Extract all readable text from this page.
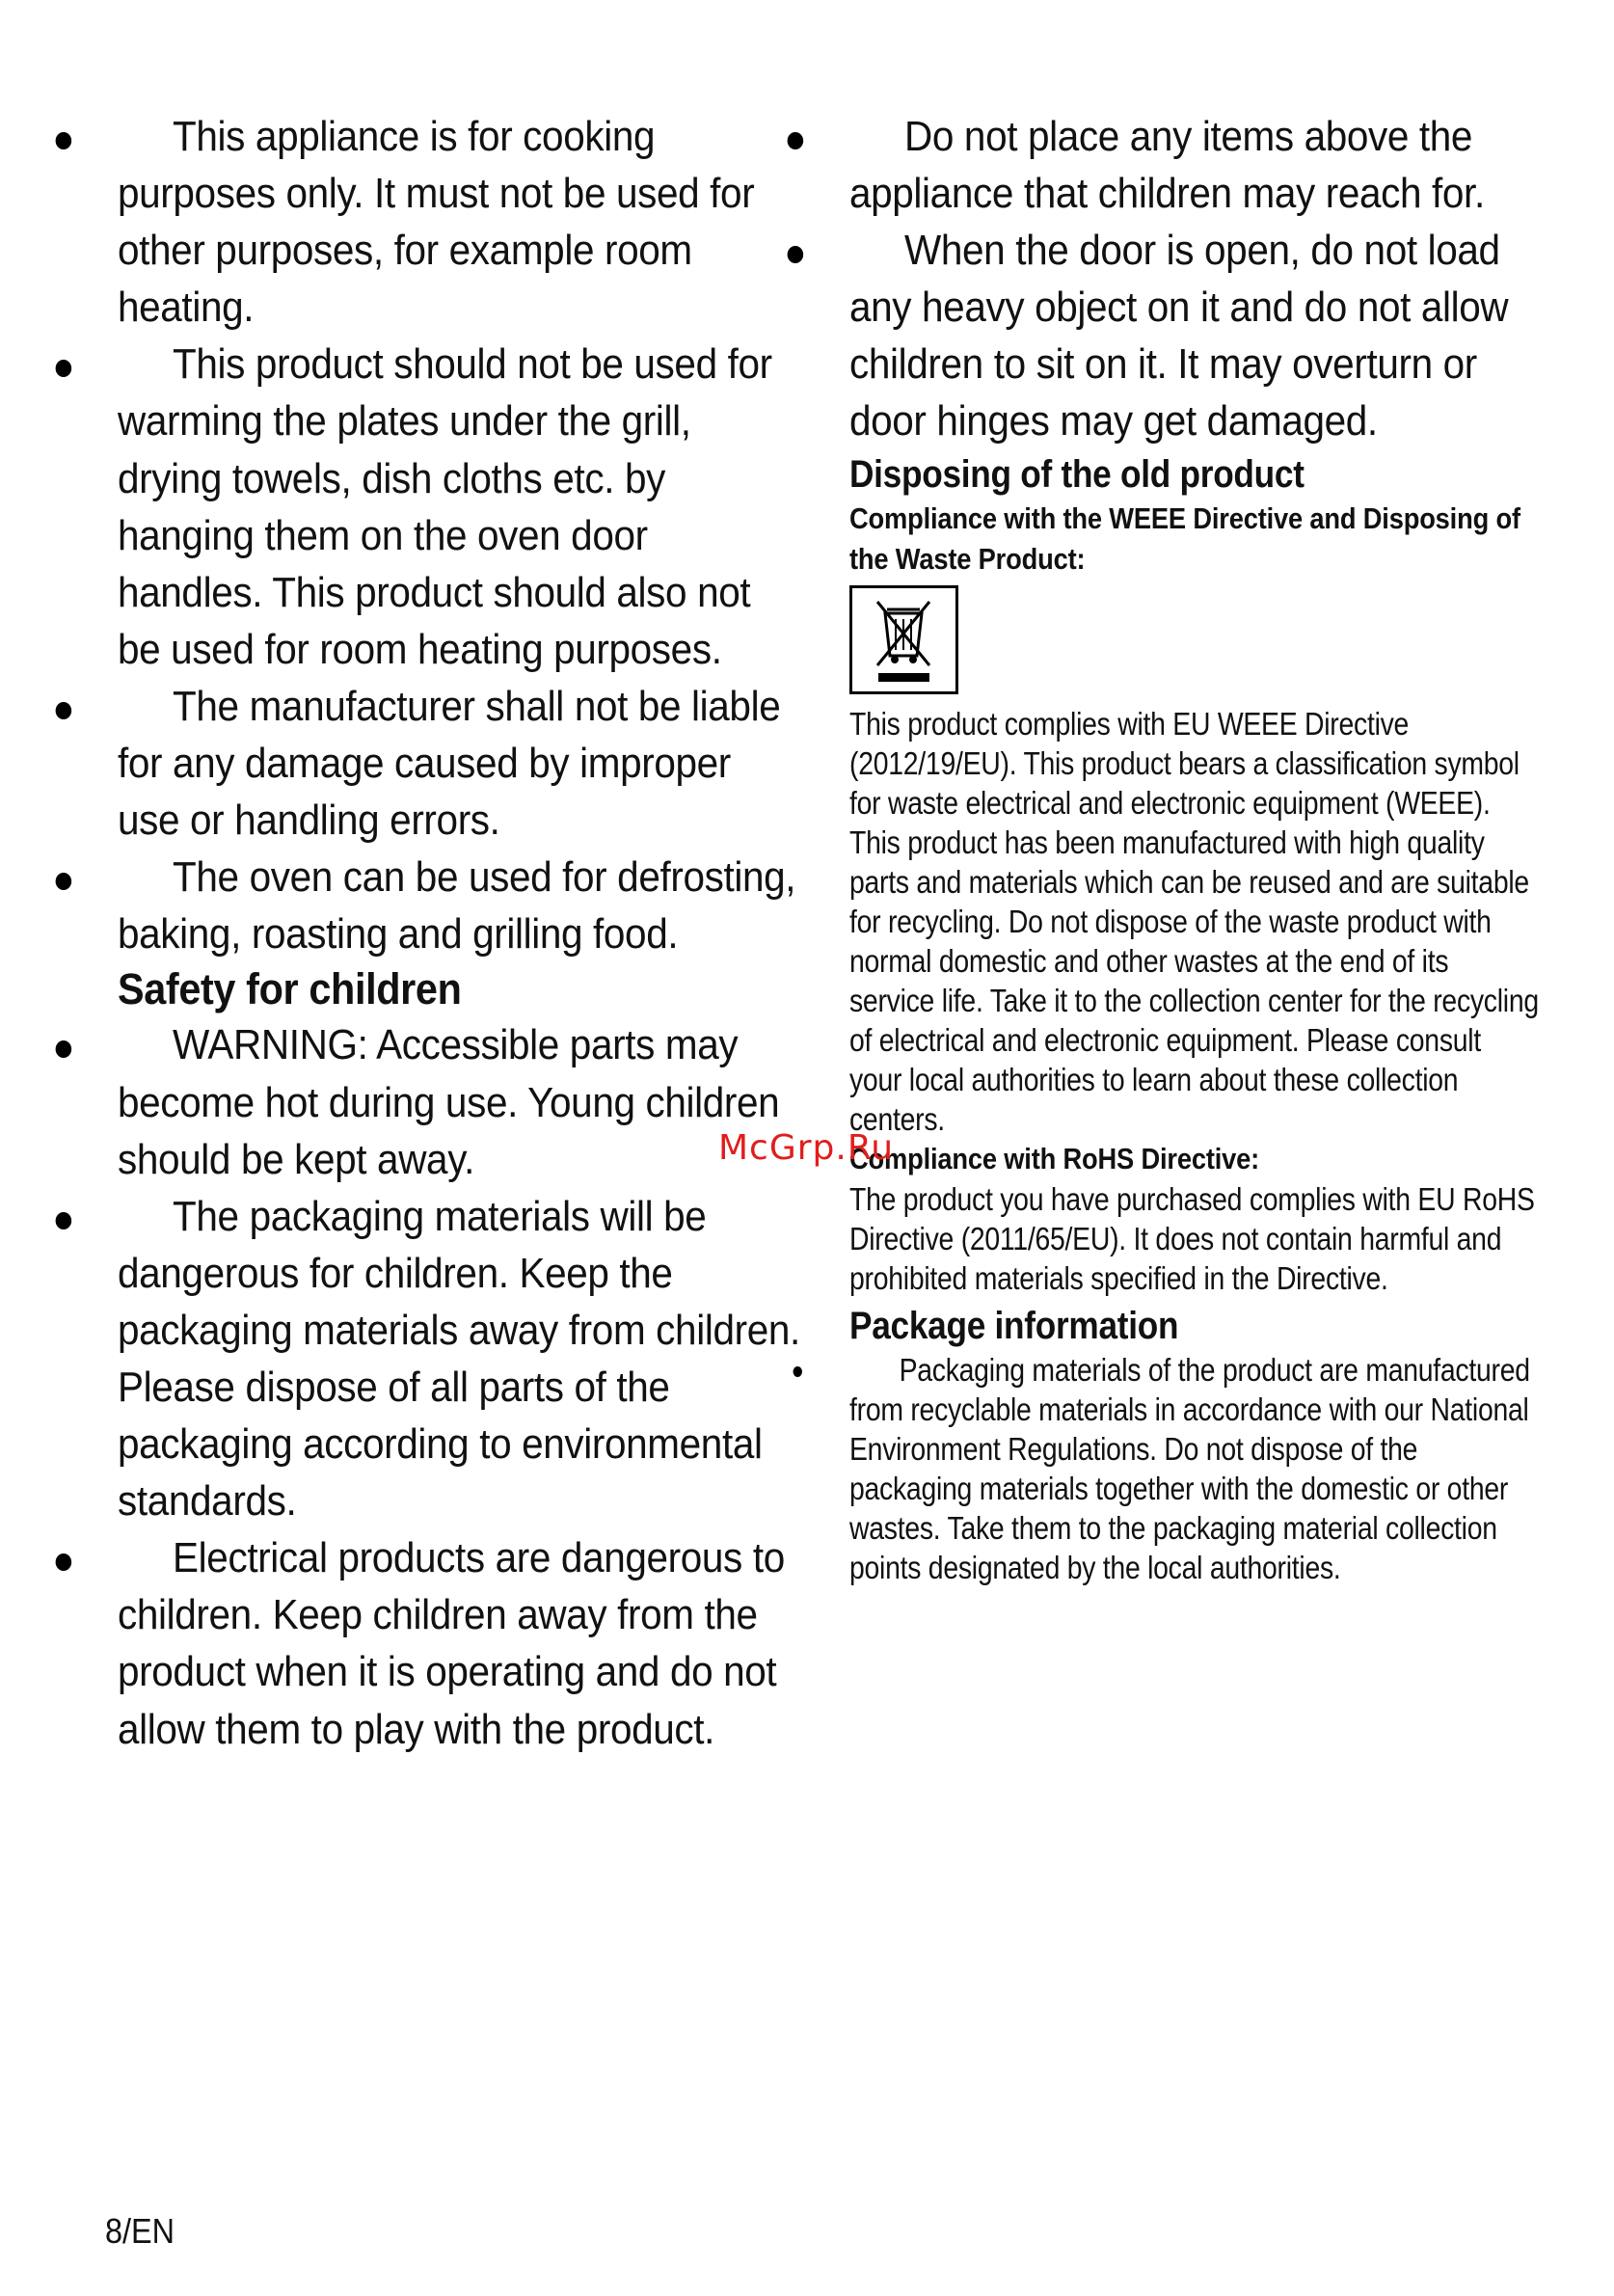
This appliance is for cooking purposes only. It must not be used for other purposes, for example room heating.
This product should not be used for warming the plates under the grill, drying towels, dish cloths etc. by hanging them on the oven door handles. This product should also not be used for room heating purposes.
The manufacturer shall not be liable for any damage caused by improper use or handling errors.
The oven can be used for defrosting, baking, roasting and grilling food.
Safety for children
WARNING: Accessible parts may become hot during use. Young children should be kept away.
The packaging materials will be dangerous for children. Keep the packaging materials away from children. Please dispose of all parts of the packaging according to environmental standards.
Electrical products are dangerous to children. Keep children away from the product when it is operating and do not allow them to play with the product.
Do not place any items above the appliance that children may reach for.
When the door is open, do not load any heavy object on it and do not allow children to sit on it. It may overturn or door hinges may get damaged.
Disposing of the old product
Compliance with the WEEE Directive and Disposing of the Waste Product:

This product complies with EU WEEE Directive (2012/19/EU). This product bears a classification symbol for waste electrical and electronic equipment (WEEE).

This product has been manufactured with high quality parts and materials which can be reused and are suitable for recycling. Do not dispose of the waste product with normal domestic and other wastes at the end of its service life. Take it to the collection center for the recycling of electrical and electronic equipment. Please consult your local authorities to learn about these collection centers.

Compliance with RoHS Directive:

The product you have purchased complies with EU RoHS Directive (2011/65/EU). It does not contain harmful and prohibited materials specified in the Directive.

Package information
Packaging materials of the product are manufactured from recyclable materials in accordance with our National Environment Regulations. Do not dispose of the packaging materials together with the domestic or other wastes. Take them to the packaging material collection points designated by the local authorities.
McGrp.Ru
8/EN
